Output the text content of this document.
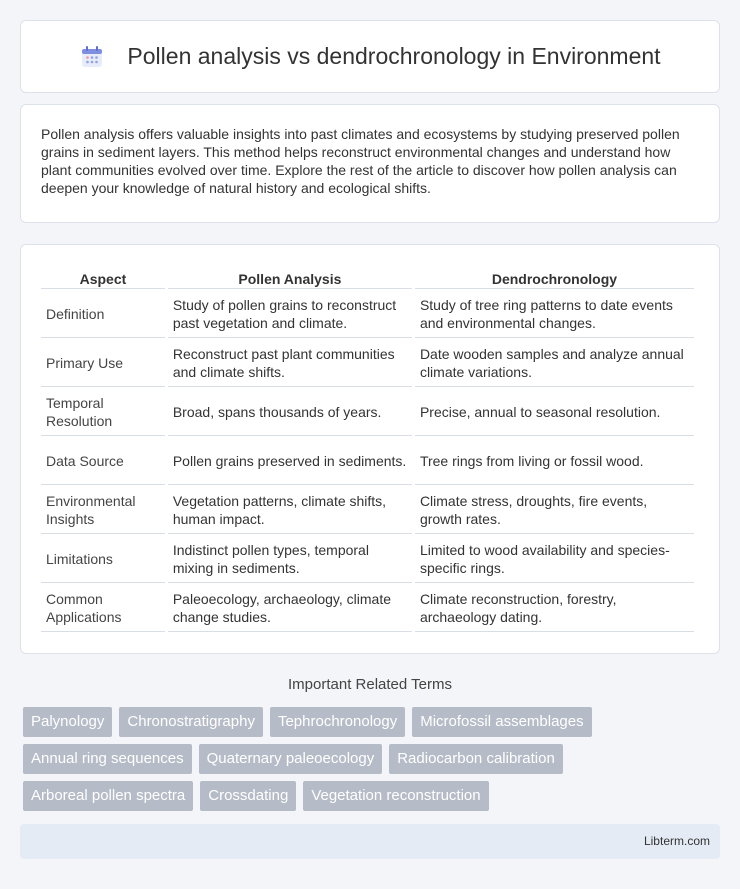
Pollen analysis vs dendrochronology in Environment

Pollen analysis offers valuable insights into past climates and ecosystems by studying preserved pollen grains in sediment layers. This method helps reconstruct environmental changes and understand how plant communities evolved over time. Explore the rest of the article to discover how pollen analysis can deepen your knowledge of natural history and ecological shifts.

Aspect	Pollen Analysis	Dendrochronology
Definition	Study of pollen grains to reconstruct past vegetation and climate.	Study of tree ring patterns to date events and environmental changes.
Primary Use	Reconstruct past plant communities and climate shifts.	Date wooden samples and analyze annual climate variations.
Temporal Resolution	Broad, spans thousands of years.	Precise, annual to seasonal resolution.
Data Source	Pollen grains preserved in sediments.	Tree rings from living or fossil wood.
Environmental Insights	Vegetation patterns, climate shifts, human impact.	Climate stress, droughts, fire events, growth rates.
Limitations	Indistinct pollen types, temporal mixing in sediments.	Limited to wood availability and species-specific rings.
Common Applications	Paleoecology, archaeology, climate change studies.	Climate reconstruction, forestry, archaeology dating.
Important Related Terms
Palynology	Chronostratigraphy	Tephrochronology	Microfossil assemblages
Annual ring sequences	Quaternary paleoecology	Radiocarbon calibration
Arboreal pollen spectra	Crossdating	Vegetation reconstruction
Libterm.com
